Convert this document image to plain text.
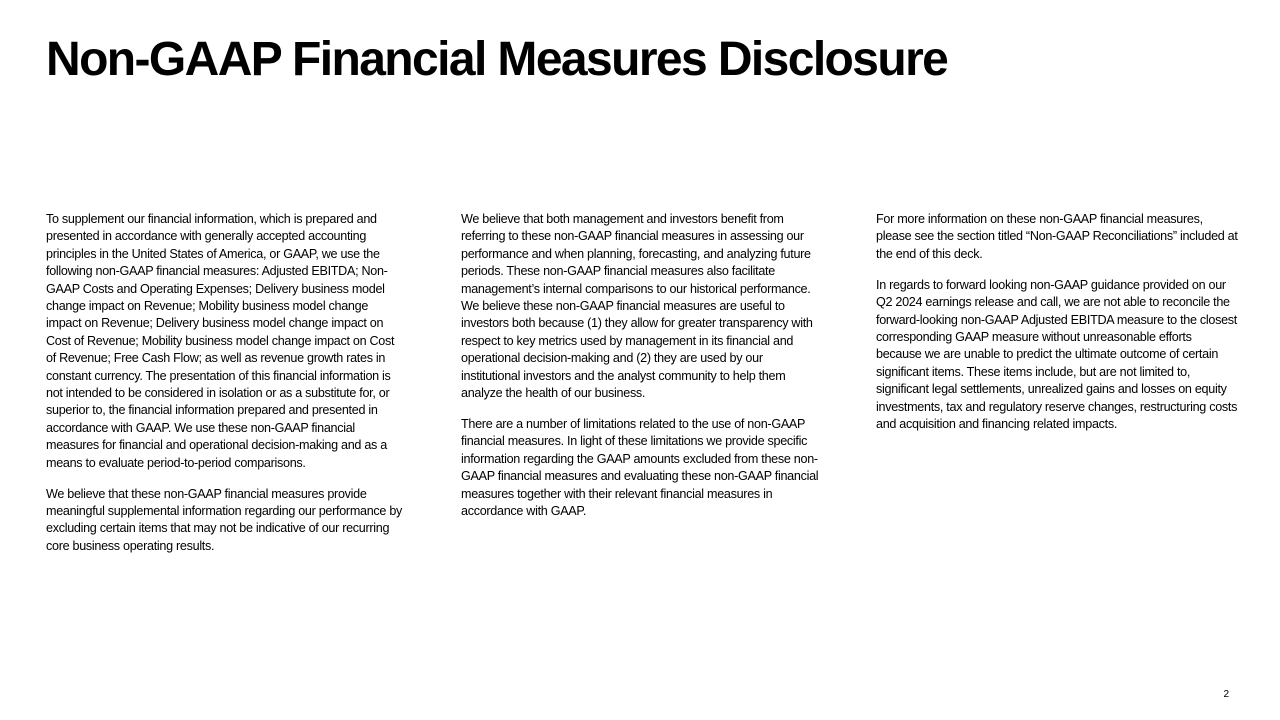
Non-GAAP Financial Measures Disclosure

To supplement our financial information, which is prepared and presented in accordance with generally accepted accounting principles in the United States of America, or GAAP, we use the following non-GAAP financial measures: Adjusted EBITDA; Non-GAAP Costs and Operating Expenses; Delivery business model change impact on Revenue; Mobility business model change impact on Revenue; Delivery business model change impact on Cost of Revenue; Mobility business model change impact on Cost of Revenue; Free Cash Flow; as well as revenue growth rates in constant currency. The presentation of this financial information is not intended to be considered in isolation or as a substitute for, or superior to, the financial information prepared and presented in accordance with GAAP. We use these non-GAAP financial measures for financial and operational decision-making and as a means to evaluate period-to-period comparisons.

We believe that these non-GAAP financial measures provide meaningful supplemental information regarding our performance by excluding certain items that may not be indicative of our recurring core business operating results.

We believe that both management and investors benefit from referring to these non-GAAP financial measures in assessing our performance and when planning, forecasting, and analyzing future periods. These non-GAAP financial measures also facilitate management’s internal comparisons to our historical performance. We believe these non-GAAP financial measures are useful to investors both because (1) they allow for greater transparency with respect to key metrics used by management in its financial and operational decision-making and (2) they are used by our institutional investors and the analyst community to help them analyze the health of our business.

There are a number of limitations related to the use of non-GAAP financial measures. In light of these limitations we provide specific information regarding the GAAP amounts excluded from these non-GAAP financial measures and evaluating these non-GAAP financial measures together with their relevant financial measures in accordance with GAAP.

For more information on these non-GAAP financial measures, please see the section titled “Non-GAAP Reconciliations” included at the end of this deck.

In regards to forward looking non-GAAP guidance provided on our Q2 2024 earnings release and call, we are not able to reconcile the forward-looking non-GAAP Adjusted EBITDA measure to the closest corresponding GAAP measure without unreasonable efforts because we are unable to predict the ultimate outcome of certain significant items. These items include, but are not limited to, significant legal settlements, unrealized gains and losses on equity investments, tax and regulatory reserve changes, restructuring costs and acquisition and financing related impacts.

2
